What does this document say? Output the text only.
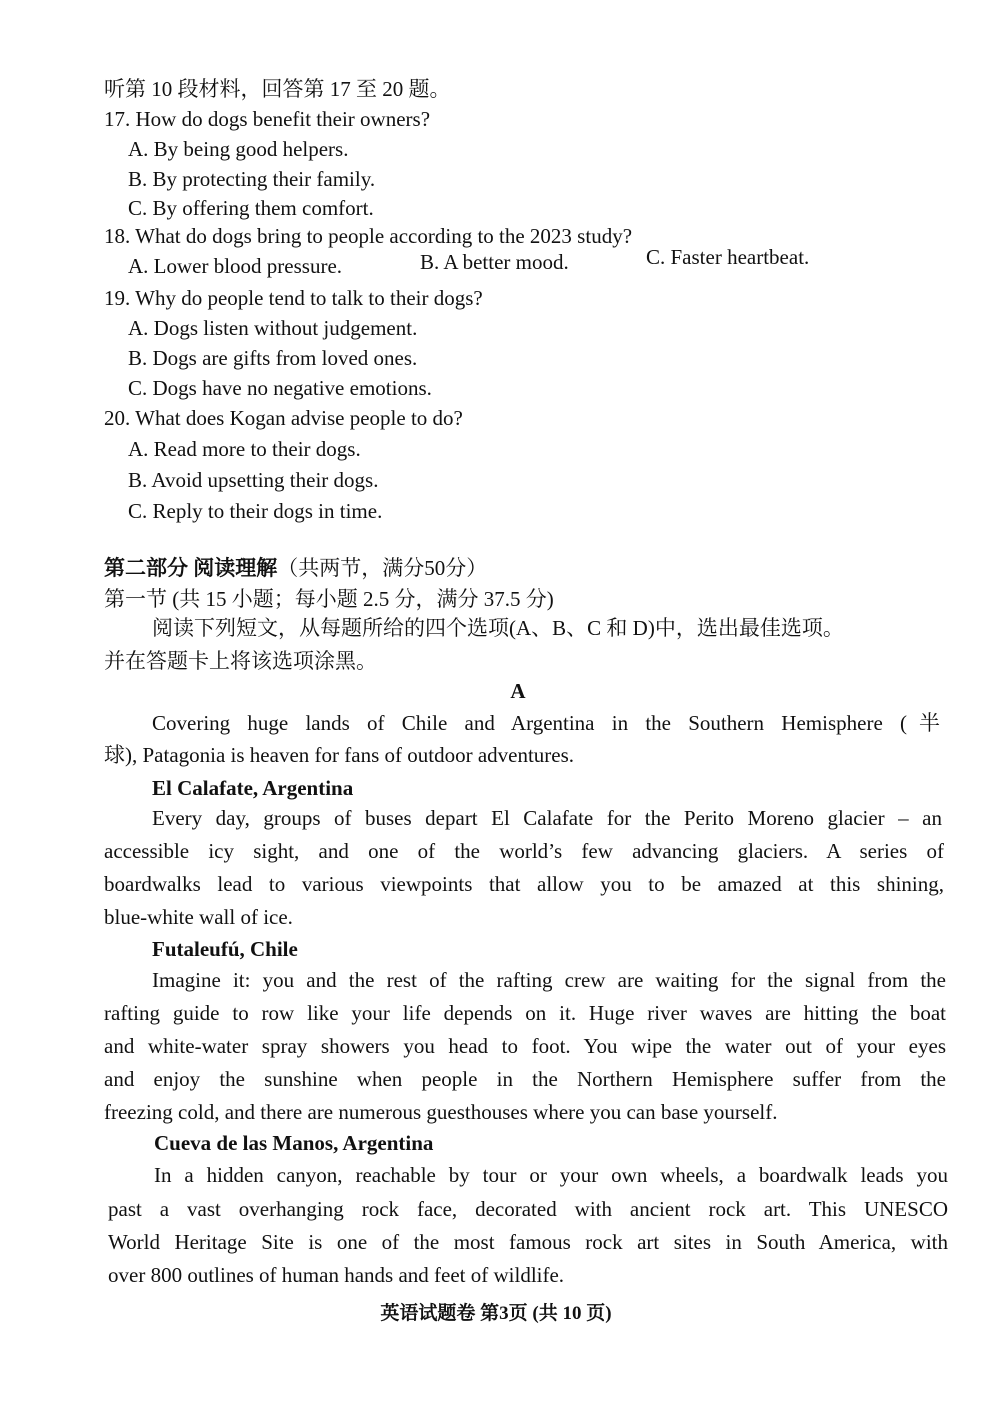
听第 10 段材料，回答第 17 至 20 题。
17. How do dogs benefit their owners?
A. By being good helpers.
B. By protecting their family.
C. By offering them comfort.
18. What do dogs bring to people according to the 2023 study?
A. Lower blood pressure.	B. A better mood.	C. Faster heartbeat.
19. Why do people tend to talk to their dogs?
A. Dogs listen without judgement.
B. Dogs are gifts from loved ones.
C. Dogs have no negative emotions.
20. What does Kogan advise people to do?
A. Read more to their dogs.
B. Avoid upsetting their dogs.
C. Reply to their dogs in time.
第二部分 阅读理解（共两节，满分50分）
第一节 (共 15 小题；每小题 2.5 分，满分 37.5 分)
阅读下列短文，从每题所给的四个选项(A、B、C 和 D)中，选出最佳选项。
并在答题卡上将该选项涂黑。
A
Covering huge lands of Chile and Argentina in the Southern Hemisphere (半
球), Patagonia is heaven for fans of outdoor adventures.
El Calafate, Argentina
Every day, groups of buses depart El Calafate for the Perito Moreno glacier – an
accessible icy sight, and one of the world’s few advancing glaciers. A series of
boardwalks lead to various viewpoints that allow you to be amazed at this shining,
blue-white wall of ice.
Futaleufú, Chile
Imagine it: you and the rest of the rafting crew are waiting for the signal from the
rafting guide to row like your life depends on it. Huge river waves are hitting the boat
and white-water spray showers you head to foot. You wipe the water out of your eyes
and enjoy the sunshine when people in the Northern Hemisphere suffer from the
freezing cold, and there are numerous guesthouses where you can base yourself.
Cueva de las Manos, Argentina
In a hidden canyon, reachable by tour or your own wheels, a boardwalk leads you
past a vast overhanging rock face, decorated with ancient rock art. This UNESCO
World Heritage Site is one of the most famous rock art sites in South America, with
over 800 outlines of human hands and feet of wildlife.
英语试题卷 第3页 (共 10 页)
